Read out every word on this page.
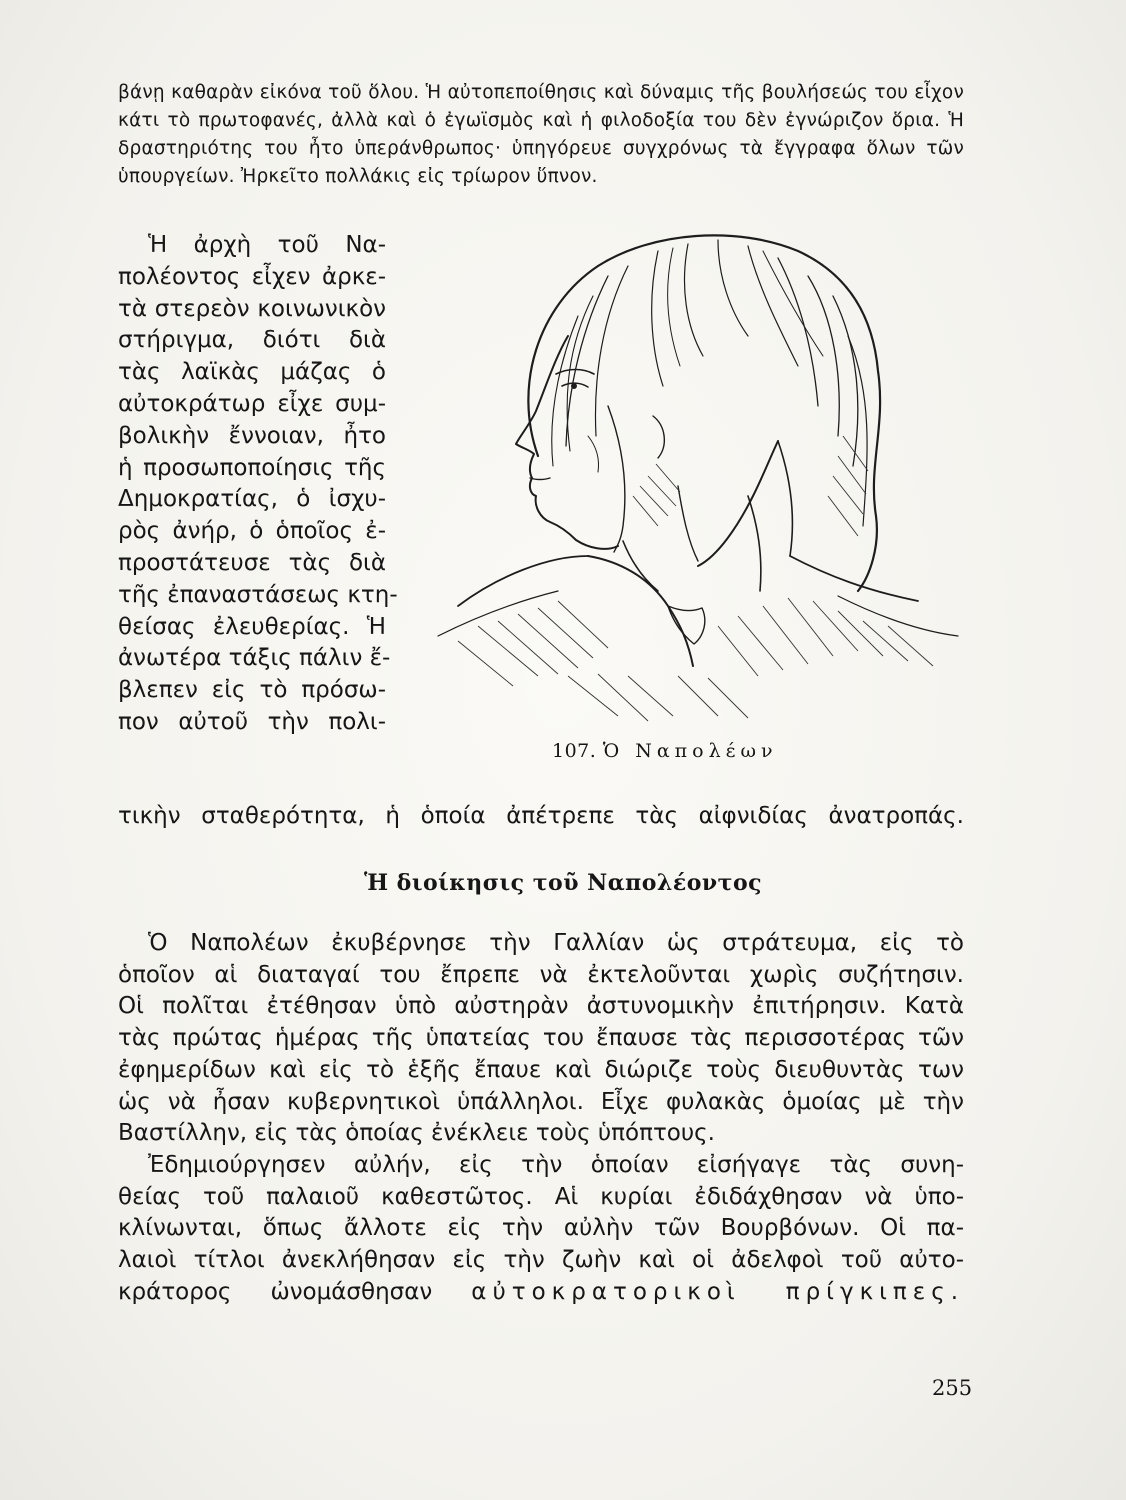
βάνῃ καθαρὰν εἰκόνα τοῦ ὅλου. Ἡ αὐτοπεποίθησις καὶ δύναμις τῆς βουλήσεώς του εἶχον κάτι τὸ πρωτοφανές, ἀλλὰ καὶ ὁ ἐγωϊσμὸς καὶ ἡ φιλοδοξία του δὲν ἐγνώριζον ὅρια. Ἡ δραστηριότης του ἦτο ὑπεράνθρωπος· ὑπηγόρευε συγχρόνως τὰ ἔγγραφα ὅλων τῶν ὑπουργείων. Ἠρκεῖτο πολλάκις εἰς τρίωρον ὕπνον.

Ἡ ἀρχὴ τοῦ Να-
πολέοντος εἶχεν ἀρκε-
τὰ στερεὸν κοινωνικὸν
στήριγμα, διότι διὰ
τὰς λαϊκὰς μάζας ὁ
αὐτοκράτωρ εἶχε συμ-
βολικὴν ἔννοιαν, ἦτο
ἡ προσωποποίησις τῆς
Δημοκρατίας, ὁ ἰσχυ-
ρὸς ἀνήρ, ὁ ὁποῖος ἐ-
προστάτευσε τὰς διὰ
τῆς ἐπαναστάσεως κτη-
θείσας ἐλευθερίας. Ἡ
ἀνωτέρα τάξις πάλιν ἔ-
βλεπεν εἰς τὸ πρόσω-
πον αὐτοῦ τὴν πολι-
τικὴν σταθερότητα, ἡ ὁποία ἀπέτρεπε τὰς αἰφνιδίας ἀνατροπάς.
107. Ὁ Ναπολέων
Ἡ διοίκησις τοῦ Ναπολέοντος
Ὁ Ναπολέων ἐκυβέρνησε τὴν Γαλλίαν ὡς στράτευμα, εἰς τὸ
ὁποῖον αἱ διαταγαί του ἔπρεπε νὰ ἐκτελοῦνται χωρὶς συζήτησιν.
Οἱ πολῖται ἐτέθησαν ὑπὸ αὐστηρὰν ἀστυνομικὴν ἐπιτήρησιν. Κατὰ
τὰς πρώτας ἡμέρας τῆς ὑπατείας του ἔπαυσε τὰς περισσοτέρας τῶν
ἐφημερίδων καὶ εἰς τὸ ἑξῆς ἔπαυε καὶ διώριζε τοὺς διευθυντὰς των
ὡς νὰ ἦσαν κυβερνητικοὶ ὑπάλληλοι. Εἶχε φυλακὰς ὁμοίας μὲ τὴν
Βαστίλλην, εἰς τὰς ὁποίας ἐνέκλειε τοὺς ὑπόπτους.
Ἐδημιούργησεν αὐλήν, εἰς τὴν ὁποίαν εἰσήγαγε τὰς συνη-
θείας τοῦ παλαιοῦ καθεστῶτος. Αἱ κυρίαι ἐδιδάχθησαν νὰ ὑπο-
κλίνωνται, ὅπως ἄλλοτε εἰς τὴν αὐλὴν τῶν Βουρβόνων. Οἱ πα-
λαιοὶ τίτλοι ἀνεκλήθησαν εἰς τὴν ζωὴν καὶ οἱ ἀδελφοὶ τοῦ αὐτο-
κράτορος ὠνομάσθησαν αὐτοκρατορικοὶ πρίγκιπες.
255
